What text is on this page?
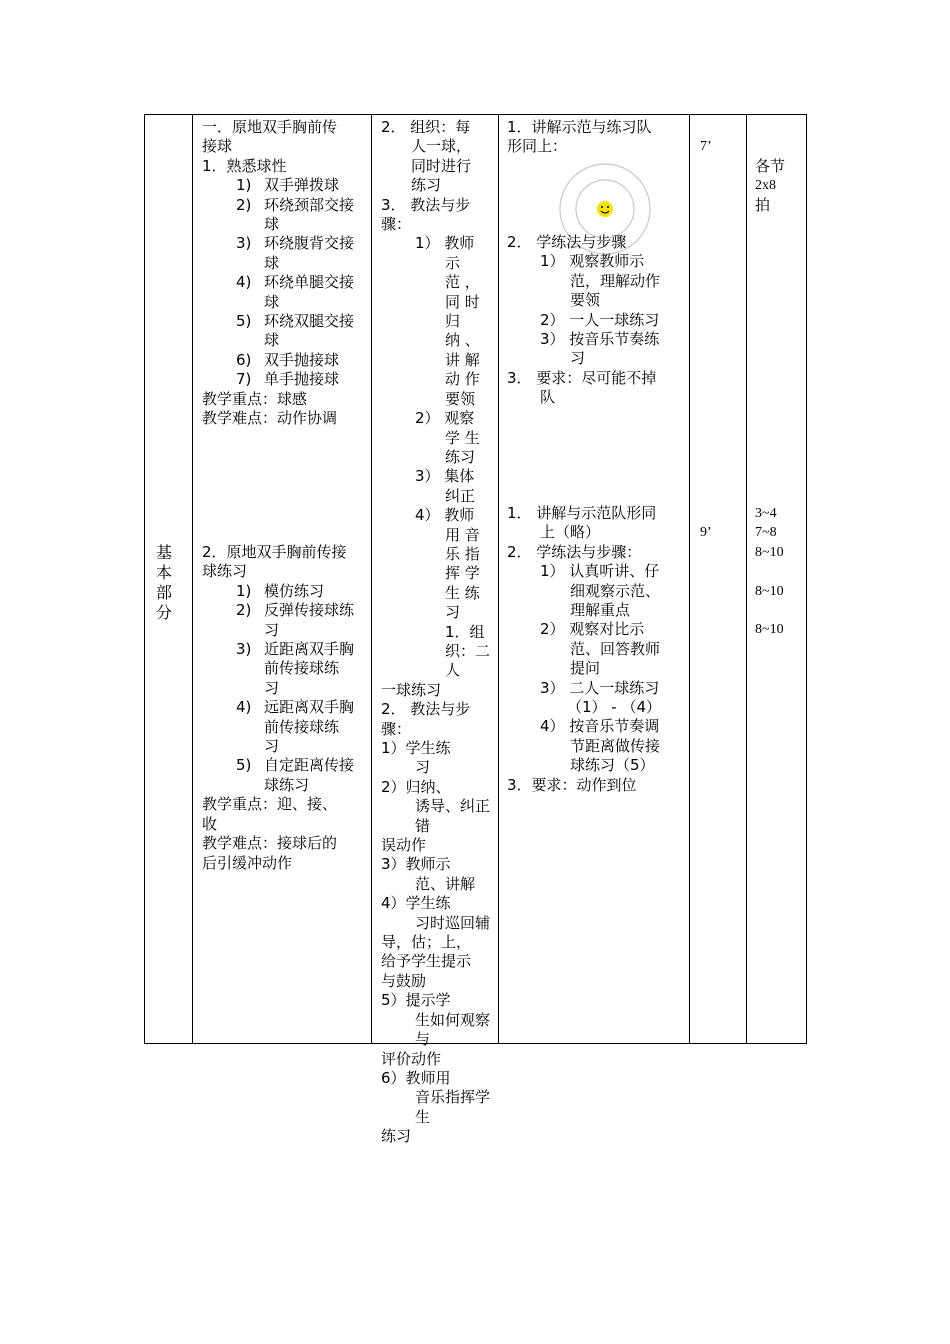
基
本
部
分
一．原地双手胸前传
接球
1．熟悉球性
1) 双手弹拨球
2) 环绕颈部交接
球
3) 环绕腹背交接
球
4) 环绕单腿交接
球
5) 环绕双腿交接
球
6) 双手抛接球
7) 单手抛接球
教学重点：球感
教学难点：动作协调
2．原地双手胸前传接
球练习
1) 模仿练习
2) 反弹传接球练
习
3) 近距离双手胸
前传接球练
习
4) 远距离双手胸
前传接球练
习
5) 自定距离传接
球练习
教学重点：迎、接、
收
教学难点：接球后的
后引缓冲动作
2． 组织：每
人一球，
同时进行
练习
3． 教法与步
骤：
1） 教师
示
范 ，
同 时
归
纳 、
讲 解
动 作
要领
2） 观察
学 生
练习
3） 集体
纠正
4） 教师
用 音
乐 指
挥 学
生 练
习
1．组织：二人
一球练习
2． 教法与步
骤：
1）学生练
习
2）归纳、
诱导、纠正错
误动作
3）教师示
范、讲解
4）学生练
习时巡回辅
导，估；上，
给予学生提示
与鼓励
5）提示学
生如何观察与
评价动作
6）教师用
音乐指挥学生
练习
1．讲解示范与练习队
形同上：
2． 学练法与步骤
1） 观察教师示
范，理解动作
要领
2） 一人一球练习
3） 按音乐节奏练
习
3． 要求：尽可能不掉
队
1． 讲解与示范队形同
上（略）
2． 学练法与步骤：
1） 认真听讲、仔
细观察示范、
理解重点
2） 观察对比示
范、回答教师
提问
3） 二人一球练习
（1） - （4）
4） 按音乐节奏调
节距离做传接
球练习（5）
3．要求：动作到位
7’
9’
各节
2x8
拍
3~4
7~8
8~10
8~10
8~10
